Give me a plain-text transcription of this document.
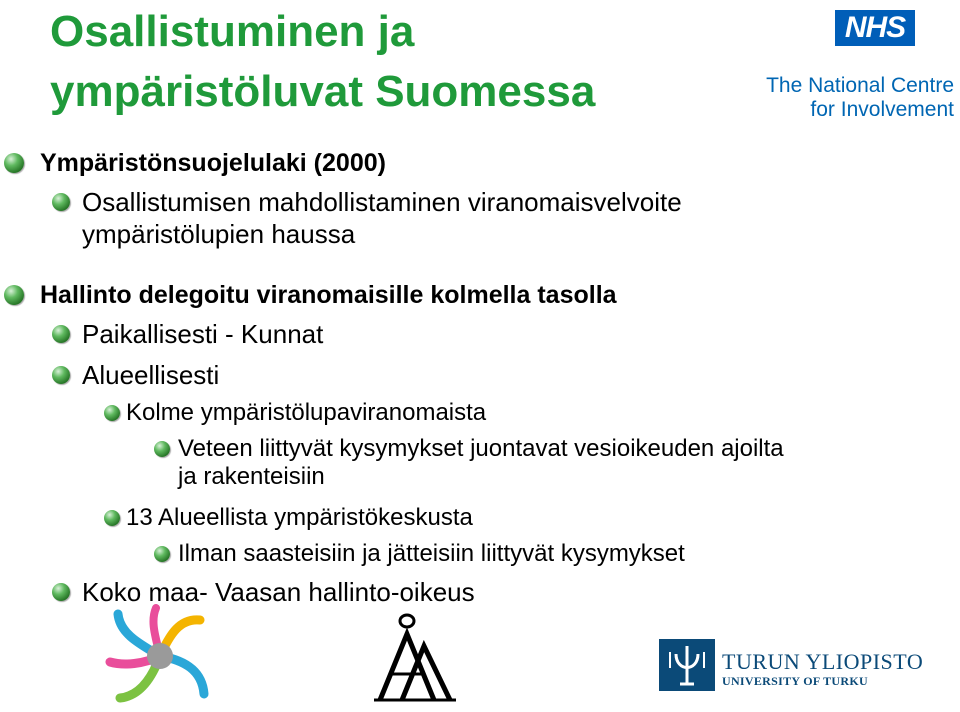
Osallistuminen ja
ympäristöluvat Suomessa
NHS
The National Centre
for Involvement
Ympäristönsuojelulaki (2000)
Osallistumisen mahdollistaminen viranomaisvelvoite
ympäristölupien haussa
Hallinto delegoitu viranomaisille kolmella tasolla
Paikallisesti - Kunnat
Alueellisesti
Kolme ympäristölupaviranomaista
Veteen liittyvät kysymykset juontavat vesioikeuden ajoilta
ja rakenteisiin
13 Alueellista ympäristökeskusta
Ilman saasteisiin ja jätteisiin liittyvät kysymykset
Koko maa- Vaasan hallinto-oikeus
TURUN YLIOPISTO
UNIVERSITY OF TURKU
